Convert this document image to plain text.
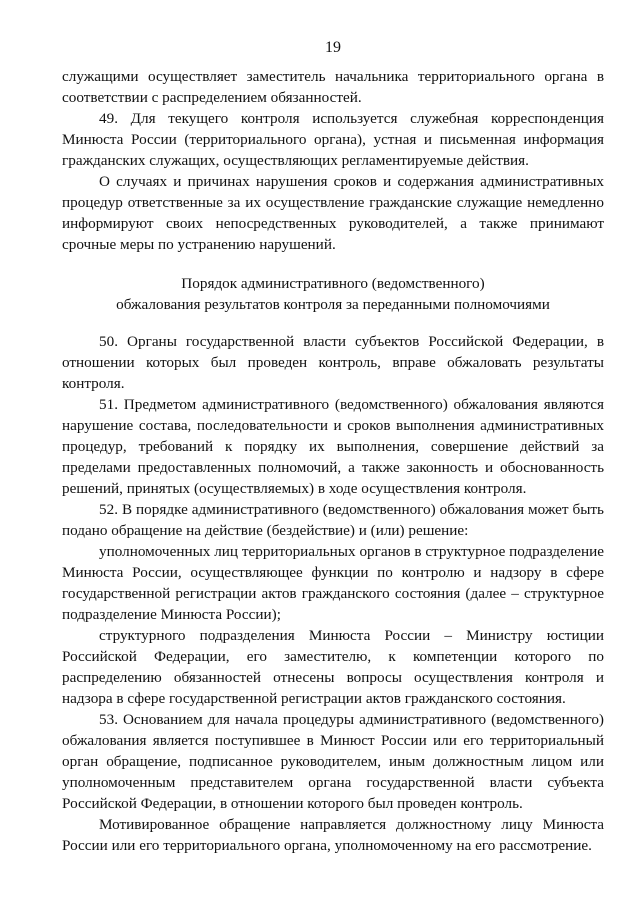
19

служащими осуществляет заместитель начальника территориального органа в соответствии с распределением обязанностей.

49. Для текущего контроля используется служебная корреспонденция Минюста России (территориального органа), устная и письменная информация гражданских служащих, осуществляющих регламентируемые действия.

О случаях и причинах нарушения сроков и содержания административных процедур ответственные за их осуществление гражданские служащие немедленно информируют своих непосредственных руководителей, а также принимают срочные меры по устранению нарушений.

Порядок административного (ведомственного)
обжалования результатов контроля за переданными полномочиями

50. Органы государственной власти субъектов Российской Федерации, в отношении которых был проведен контроль, вправе обжаловать результаты контроля.

51. Предметом административного (ведомственного) обжалования являются нарушение состава, последовательности и сроков выполнения административных процедур, требований к порядку их выполнения, совершение действий за пределами предоставленных полномочий, а также законность и обоснованность решений, принятых (осуществляемых) в ходе осуществления контроля.

52. В порядке административного (ведомственного) обжалования может быть подано обращение на действие (бездействие) и (или) решение:

уполномоченных лиц территориальных органов в структурное подразделение Минюста России, осуществляющее функции по контролю и надзору в сфере государственной регистрации актов гражданского состояния (далее – структурное подразделение Минюста России);

структурного подразделения Минюста России – Министру юстиции Российской Федерации, его заместителю, к компетенции которого по распределению обязанностей отнесены вопросы осуществления контроля и надзора в сфере государственной регистрации актов гражданского состояния.

53. Основанием для начала процедуры административного (ведомственного) обжалования является поступившее в Минюст России или его территориальный орган обращение, подписанное руководителем, иным должностным лицом или уполномоченным представителем органа государственной власти субъекта Российской Федерации, в отношении которого был проведен контроль.

Мотивированное обращение направляется должностному лицу Минюста России или его территориального органа, уполномоченному на его рассмотрение.
